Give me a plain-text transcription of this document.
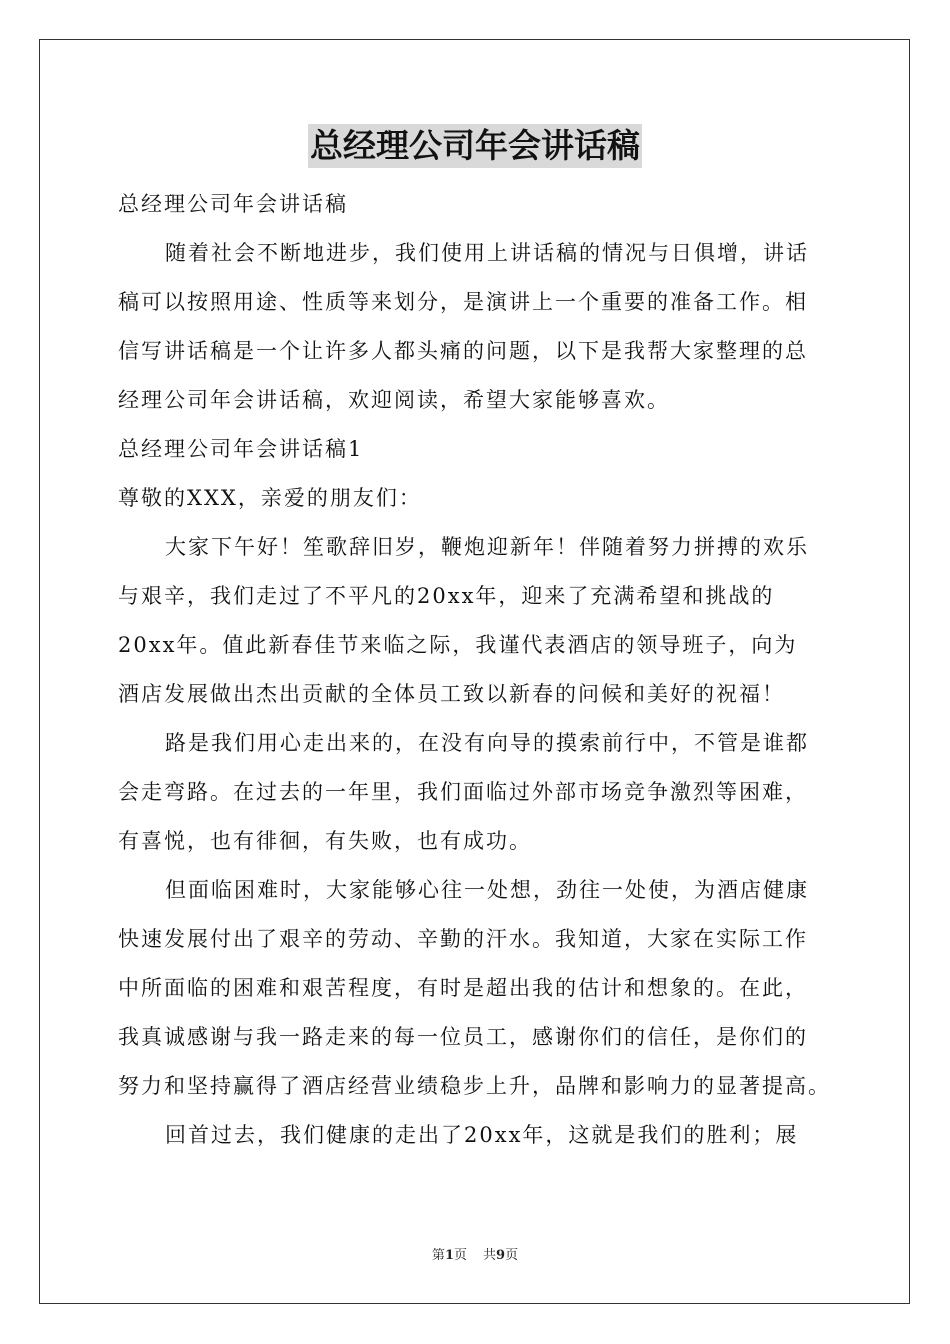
总经理公司年会讲话稿
总经理公司年会讲话稿
随着社会不断地进步，我们使用上讲话稿的情况与日俱增，讲话
稿可以按照用途、性质等来划分，是演讲上一个重要的准备工作。相
信写讲话稿是一个让许多人都头痛的问题，以下是我帮大家整理的总
经理公司年会讲话稿，欢迎阅读，希望大家能够喜欢。
总经理公司年会讲话稿1
尊敬的XXX，亲爱的朋友们：
大家下午好！笙歌辞旧岁，鞭炮迎新年！伴随着努力拼搏的欢乐
与艰辛，我们走过了不平凡的20xx年，迎来了充满希望和挑战的
20xx年。值此新春佳节来临之际，我谨代表酒店的领导班子，向为
酒店发展做出杰出贡献的全体员工致以新春的问候和美好的祝福！
路是我们用心走出来的，在没有向导的摸索前行中，不管是谁都
会走弯路。在过去的一年里，我们面临过外部市场竞争激烈等困难，
有喜悦，也有徘徊，有失败，也有成功。
但面临困难时，大家能够心往一处想，劲往一处使，为酒店健康
快速发展付出了艰辛的劳动、辛勤的汗水。我知道，大家在实际工作
中所面临的困难和艰苦程度，有时是超出我的估计和想象的。在此，
我真诚感谢与我一路走来的每一位员工，感谢你们的信任，是你们的
努力和坚持赢得了酒店经营业绩稳步上升，品牌和影响力的显著提高。
回首过去，我们健康的走出了20xx年，这就是我们的胜利；展
第1页 共9页
